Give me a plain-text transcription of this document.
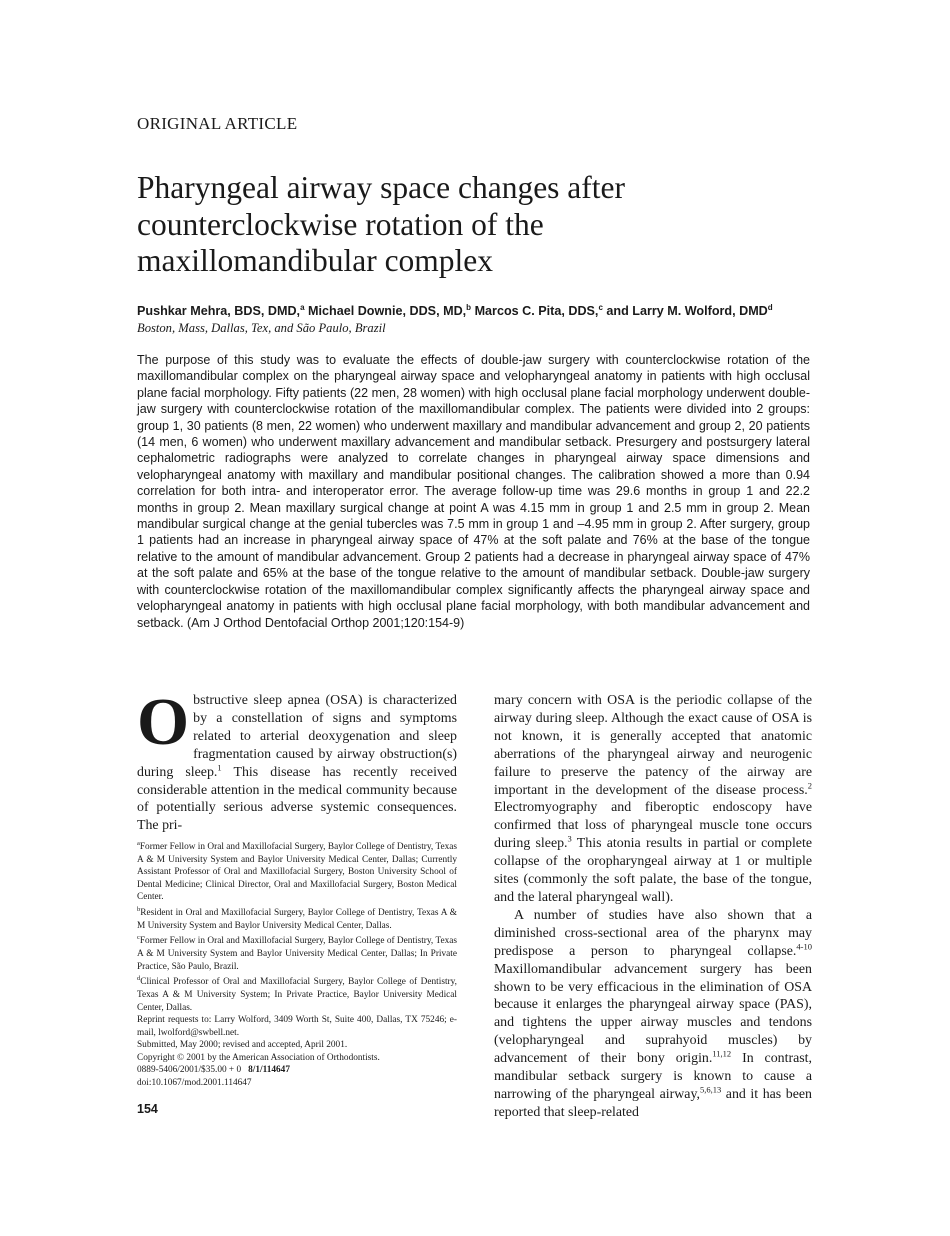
ORIGINAL ARTICLE
Pharyngeal airway space changes after counterclockwise rotation of the maxillomandibular complex
Pushkar Mehra, BDS, DMD,$^a$ Michael Downie, DDS, MD,$^b$ Marcos C. Pita, DDS,$^c$ and Larry M. Wolford, DMD$^d$
Boston, Mass, Dallas, Tex, and São Paulo, Brazil

The purpose of this study was to evaluate the effects of double-jaw surgery with counterclockwise rotation of the maxillomandibular complex on the pharyngeal airway space and velopharyngeal anatomy in patients with high occlusal plane facial morphology. Fifty patients (22 men, 28 women) with high occlusal plane facial morphology underwent double-jaw surgery with counterclockwise rotation of the maxillomandibular complex. The patients were divided into 2 groups: group 1, 30 patients (8 men, 22 women) who underwent maxillary and mandibular advancement and group 2, 20 patients (14 men, 6 women) who underwent maxillary advancement and mandibular setback. Presurgery and postsurgery lateral cephalometric radiographs were analyzed to correlate changes in pharyngeal airway space dimensions and velopharyngeal anatomy with maxillary and mandibular positional changes. The calibration showed a more than 0.94 correlation for both intra- and interoperator error. The average follow-up time was 29.6 months in group 1 and 22.2 months in group 2. Mean maxillary surgical change at point A was 4.15 mm in group 1 and 2.5 mm in group 2. Mean mandibular surgical change at the genial tubercles was 7.5 mm in group 1 and –4.95 mm in group 2. After surgery, group 1 patients had an increase in pharyngeal airway space of 47% at the soft palate and 76% at the base of the tongue relative to the amount of mandibular advancement. Group 2 patients had a decrease in pharyngeal airway space of 47% at the soft palate and 65% at the base of the tongue relative to the amount of mandibular setback. Double-jaw surgery with counterclockwise rotation of the maxillomandibular complex significantly affects the pharyngeal airway space and velopharyngeal anatomy in patients with high occlusal plane facial morphology, with both mandibular advancement and setback. (Am J Orthod Dentofacial Orthop 2001;120:154-9)

Obstructive sleep apnea (OSA) is characterized by a constellation of signs and symptoms related to arterial deoxygenation and sleep fragmentation caused by airway obstruction(s) during sleep.$^1$ This disease has recently received considerable attention in the medical community because of potentially serious adverse systemic consequences. The pri-

mary concern with OSA is the periodic collapse of the airway during sleep. Although the exact cause of OSA is not known, it is generally accepted that anatomic aberrations of the pharyngeal airway and neurogenic failure to preserve the patency of the airway are important in the development of the disease process.$^2$ Electromyography and fiberoptic endoscopy have confirmed that loss of pharyngeal muscle tone occurs during sleep.$^3$ This atonia results in partial or complete collapse of the oropharyngeal airway at 1 or multiple sites (commonly the soft palate, the base of the tongue, and the lateral pharyngeal wall).

A number of studies have also shown that a diminished cross-sectional area of the pharynx may predispose a person to pharyngeal collapse.$^{4-10}$ Maxillomandibular advancement surgery has been shown to be very efficacious in the elimination of OSA because it enlarges the pharyngeal airway space (PAS), and tightens the upper airway muscles and tendons (velopharyngeal and suprahyoid muscles) by advancement of their bony origin.$^{11,12}$ In contrast, mandibular setback surgery is known to cause a narrowing of the pharyngeal airway,$^{5,6,13}$ and it has been reported that sleep-related

$^a$Former Fellow in Oral and Maxillofacial Surgery, Baylor College of Dentistry, Texas A & M University System and Baylor University Medical Center, Dallas; Currently Assistant Professor of Oral and Maxillofacial Surgery, Boston University School of Dental Medicine; Clinical Director, Oral and Maxillofacial Surgery, Boston Medical Center.
$^b$Resident in Oral and Maxillofacial Surgery, Baylor College of Dentistry, Texas A & M University System and Baylor University Medical Center, Dallas.
$^c$Former Fellow in Oral and Maxillofacial Surgery, Baylor College of Dentistry, Texas A & M University System and Baylor University Medical Center, Dallas; In Private Practice, São Paulo, Brazil.
$^d$Clinical Professor of Oral and Maxillofacial Surgery, Baylor College of Dentistry, Texas A & M University System; In Private Practice, Baylor University Medical Center, Dallas.
Reprint requests to: Larry Wolford, 3409 Worth St, Suite 400, Dallas, TX 75246; e-mail, lwolford@swbell.net.
Submitted, May 2000; revised and accepted, April 2001.
Copyright © 2001 by the American Association of Orthodontists.
0889-5406/2001/$35.00 + 0 8/1/114647
doi:10.1067/mod.2001.114647
154
